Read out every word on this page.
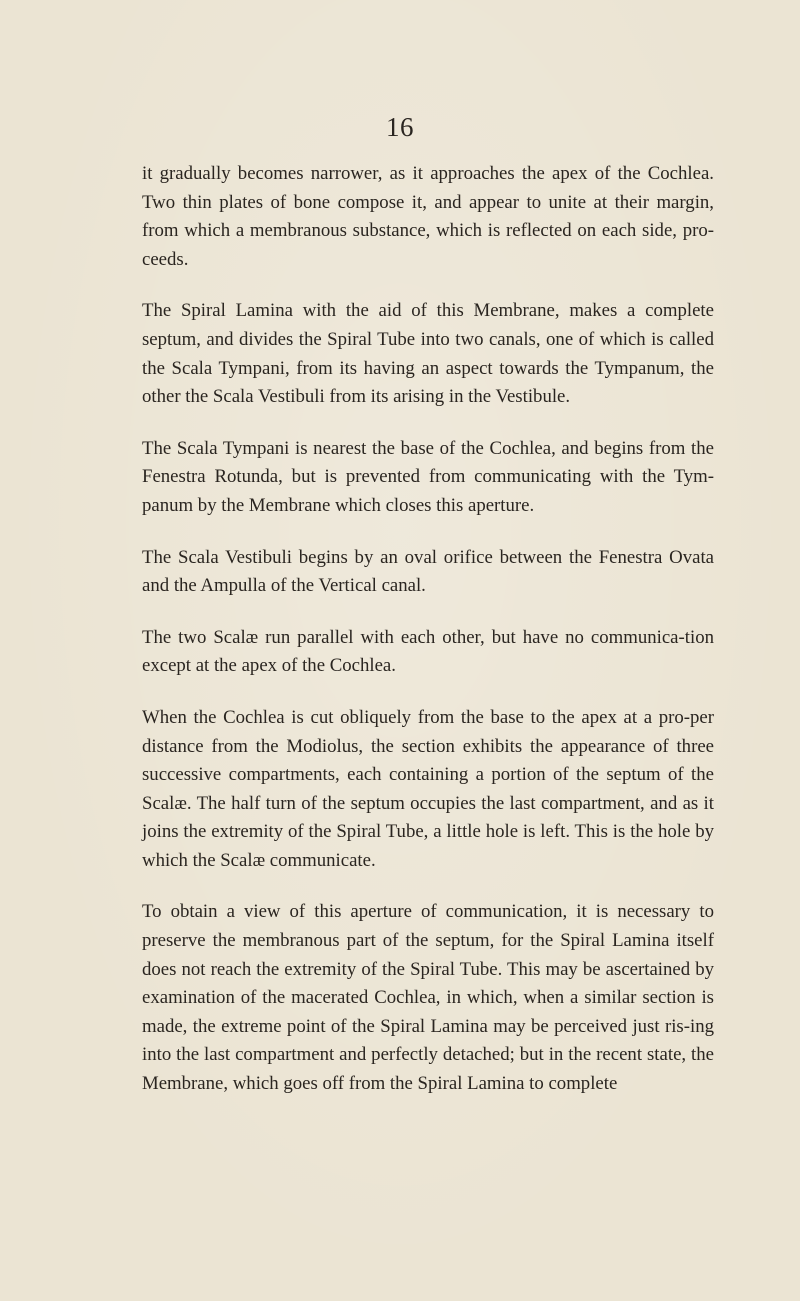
16

it gradually becomes narrower, as it approaches the apex of the Cochlea. Two thin plates of bone compose it, and appear to unite at their margin, from which a membranous substance, which is reflected on each side, pro-ceeds.

The Spiral Lamina with the aid of this Membrane, makes a complete septum, and divides the Spiral Tube into two canals, one of which is called the Scala Tympani, from its having an aspect towards the Tympanum, the other the Scala Vestibuli from its arising in the Vestibule.

The Scala Tympani is nearest the base of the Cochlea, and begins from the Fenestra Rotunda, but is prevented from communicating with the Tym-panum by the Membrane which closes this aperture.

The Scala Vestibuli begins by an oval orifice between the Fenestra Ovata and the Ampulla of the Vertical canal.

The two Scalæ run parallel with each other, but have no communica-tion except at the apex of the Cochlea.

When the Cochlea is cut obliquely from the base to the apex at a pro-per distance from the Modiolus, the section exhibits the appearance of three successive compartments, each containing a portion of the septum of the Scalæ. The half turn of the septum occupies the last compartment, and as it joins the extremity of the Spiral Tube, a little hole is left. This is the hole by which the Scalæ communicate.

To obtain a view of this aperture of communication, it is necessary to preserve the membranous part of the septum, for the Spiral Lamina itself does not reach the extremity of the Spiral Tube. This may be ascertained by examination of the macerated Cochlea, in which, when a similar section is made, the extreme point of the Spiral Lamina may be perceived just ris-ing into the last compartment and perfectly detached; but in the recent state, the Membrane, which goes off from the Spiral Lamina to complete
